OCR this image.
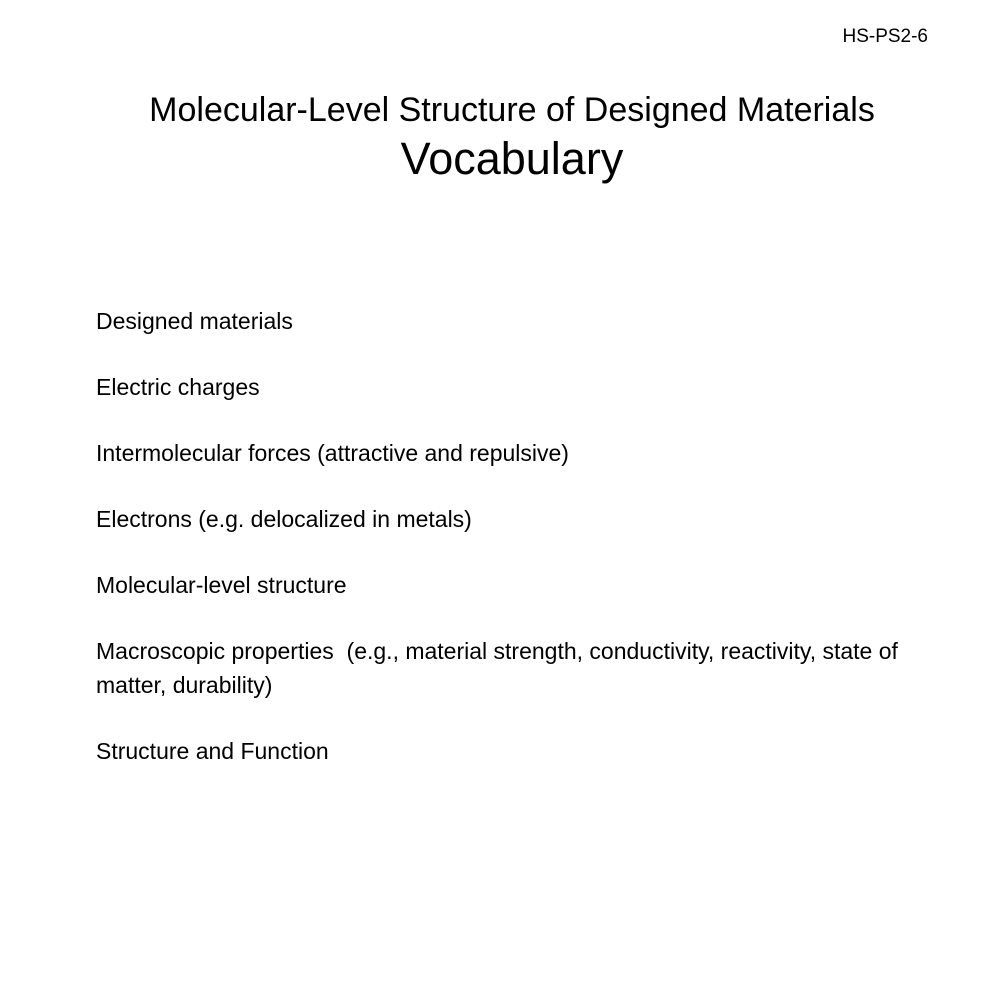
HS-PS2-6
Molecular-Level Structure of Designed Materials
Vocabulary
Designed materials
Electric charges
Intermolecular forces (attractive and repulsive)
Electrons (e.g. delocalized in metals)
Molecular-level structure
Macroscopic properties  (e.g., material strength, conductivity, reactivity, state of matter, durability)
Structure and Function
